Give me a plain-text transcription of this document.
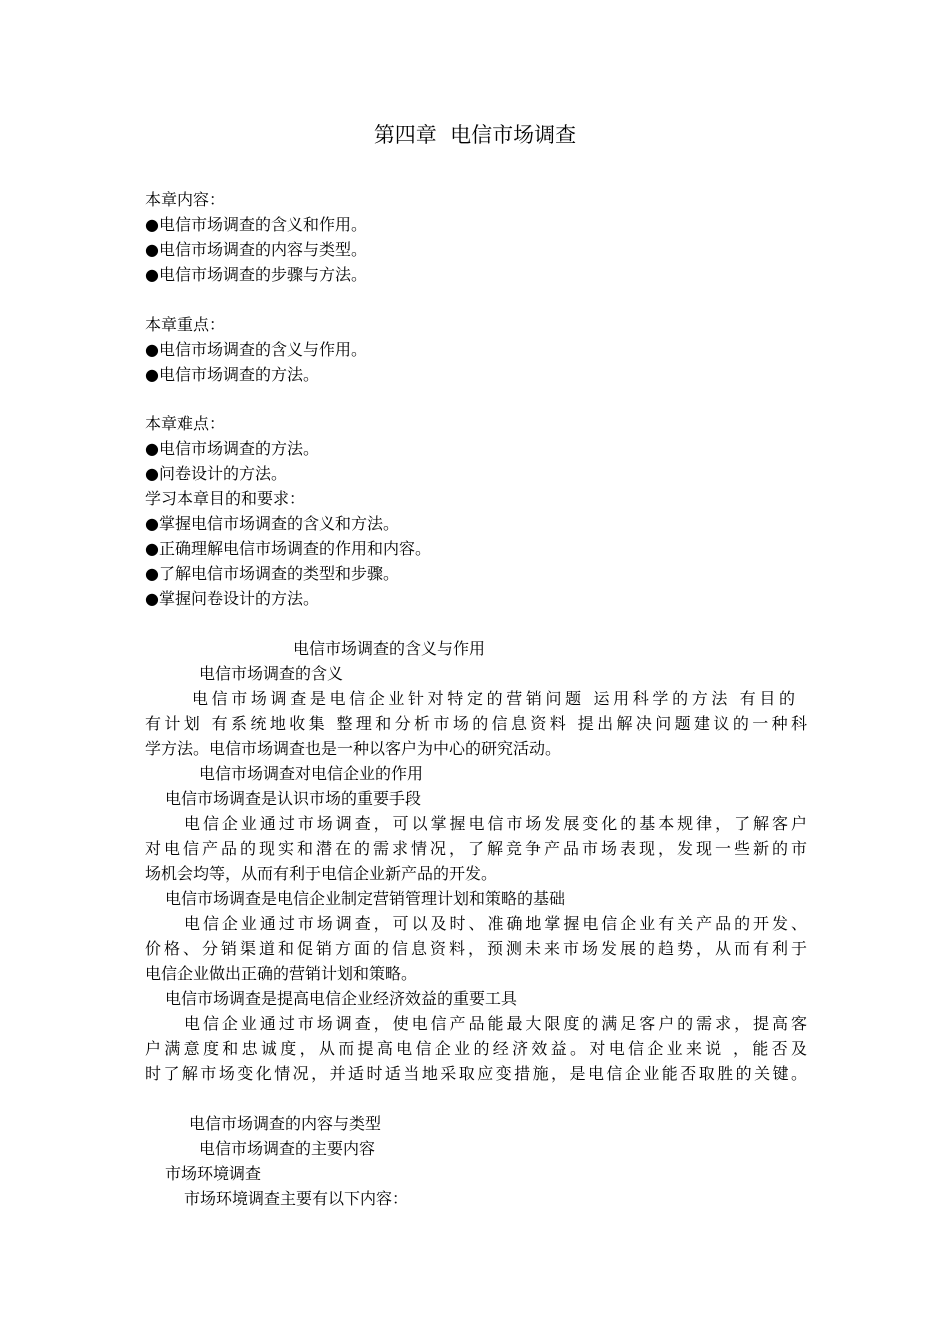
第四章  电信市场调查
本章内容：
●电信市场调查的含义和作用。
●电信市场调查的内容与类型。
●电信市场调查的步骤与方法。
本章重点：
●电信市场调查的含义与作用。
●电信市场调查的方法。
本章难点：
●电信市场调查的方法。
●问卷设计的方法。
学习本章目的和要求：
●掌握电信市场调查的含义和方法。
●正确理解电信市场调查的作用和内容。
●了解电信市场调查的类型和步骤。
●掌握问卷设计的方法。
电信市场调查的含义与作用
电信市场调查的含义
电信市场调查是电信企业针对特定的营销问题 运用科学的方法 有目的
有计划 有系统地收集 整理和分析市场的信息资料 提出解决问题建议的一种科
学方法。电信市场调查也是一种以客户为中心的研究活动。
电信市场调查对电信企业的作用
电信市场调查是认识市场的重要手段
电信企业通过市场调查，可以掌握电信市场发展变化的基本规律，了解客户
对电信产品的现实和潜在的需求情况，了解竞争产品市场表现，发现一些新的市
场机会均等，从而有利于电信企业新产品的开发。
电信市场调查是电信企业制定营销管理计划和策略的基础
电信企业通过市场调查，可以及时、准确地掌握电信企业有关产品的开发、
价格、分销渠道和促销方面的信息资料，预测未来市场发展的趋势，从而有利于
电信企业做出正确的营销计划和策略。
电信市场调查是提高电信企业经济效益的重要工具
电信企业通过市场调查，使电信产品能最大限度的满足客户的需求，提高客
户满意度和忠诚度，从而提高电信企业的经济效益。对电信企业来说 ，能否及
时了解市场变化情况，并适时适当地采取应变措施，是电信企业能否取胜的关键。
电信市场调查的内容与类型
电信市场调查的主要内容
市场环境调查
市场环境调查主要有以下内容：
